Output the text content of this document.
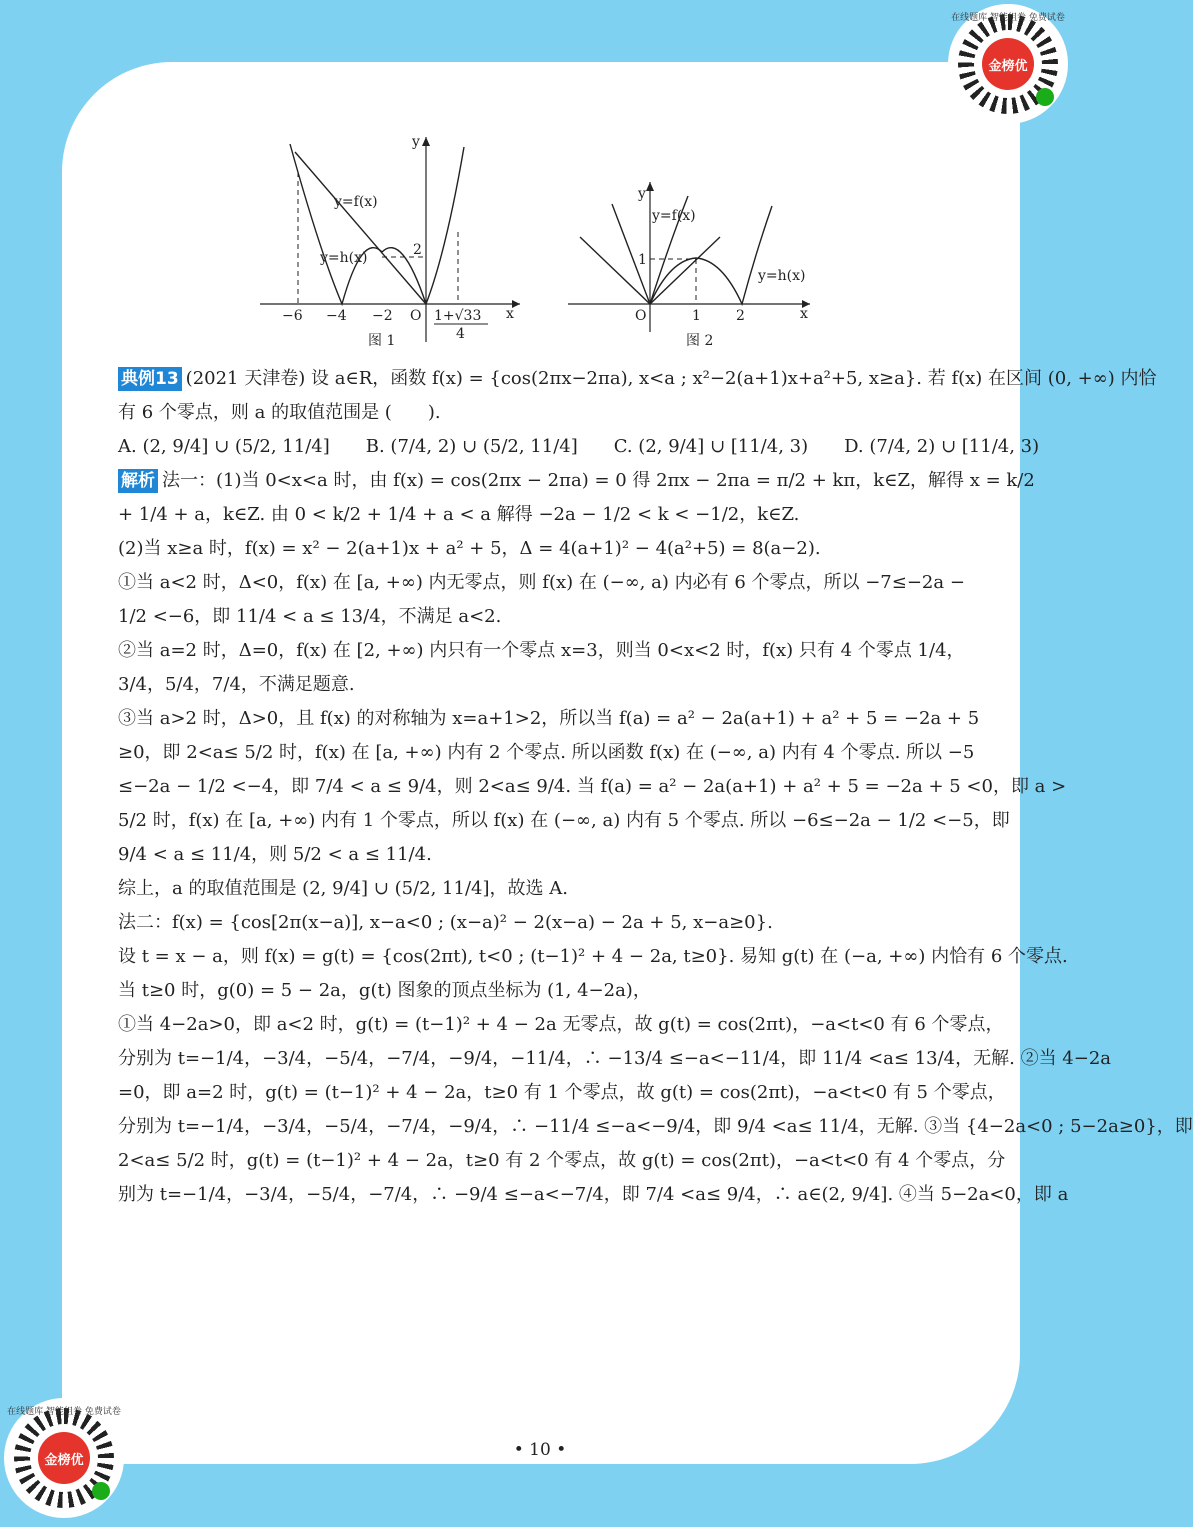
在线题库 智能组卷 免费试卷
金榜优
y
x
O
y=f(x)
y=h(x)
−6 −4 −2
2
1+√33
4
图 1
y
x
O
y=f(x)
y=h(x)
1	2
1
图 2

典例13 (2021 天津卷) 设 a∈R，函数 f(x) = {cos(2πx−2πa), x<a ; x²−2(a+1)x+a²+5, x≥a}. 若 f(x) 在区间 (0, +∞) 内恰

有 6 个零点，则 a 的取值范围是 (　　).

A. (2, 9/4] ∪ (5/2, 11/4]　　B. (7/4, 2) ∪ (5/2, 11/4]　　C. (2, 9/4] ∪ [11/4, 3)　　D. (7/4, 2) ∪ [11/4, 3)

解析 法一：(1)当 0<x<a 时，由 f(x) = cos(2πx − 2πa) = 0 得 2πx − 2πa = π/2 + kπ，k∈Z，解得 x = k/2

+ 1/4 + a，k∈Z. 由 0 < k/2 + 1/4 + a < a 解得 −2a − 1/2 < k < −1/2，k∈Z.

(2)当 x≥a 时，f(x) = x² − 2(a+1)x + a² + 5，Δ = 4(a+1)² − 4(a²+5) = 8(a−2).

①当 a<2 时，Δ<0，f(x) 在 [a, +∞) 内无零点，则 f(x) 在 (−∞, a) 内必有 6 个零点，所以 −7≤−2a −

1/2 <−6，即 11/4 < a ≤ 13/4，不满足 a<2.

②当 a=2 时，Δ=0，f(x) 在 [2, +∞) 内只有一个零点 x=3，则当 0<x<2 时，f(x) 只有 4 个零点 1/4，

3/4，5/4，7/4，不满足题意.

③当 a>2 时，Δ>0，且 f(x) 的对称轴为 x=a+1>2，所以当 f(a) = a² − 2a(a+1) + a² + 5 = −2a + 5

≥0，即 2<a≤ 5/2 时，f(x) 在 [a, +∞) 内有 2 个零点. 所以函数 f(x) 在 (−∞, a) 内有 4 个零点. 所以 −5

≤−2a − 1/2 <−4，即 7/4 < a ≤ 9/4，则 2<a≤ 9/4. 当 f(a) = a² − 2a(a+1) + a² + 5 = −2a + 5 <0，即 a >

5/2 时，f(x) 在 [a, +∞) 内有 1 个零点，所以 f(x) 在 (−∞, a) 内有 5 个零点. 所以 −6≤−2a − 1/2 <−5，即

9/4 < a ≤ 11/4，则 5/2 < a ≤ 11/4.

综上，a 的取值范围是 (2, 9/4] ∪ (5/2, 11/4]，故选 A.

法二：f(x) = {cos[2π(x−a)], x−a<0 ; (x−a)² − 2(x−a) − 2a + 5, x−a≥0}.

设 t = x − a，则 f(x) = g(t) = {cos(2πt), t<0 ; (t−1)² + 4 − 2a, t≥0}. 易知 g(t) 在 (−a, +∞) 内恰有 6 个零点.

当 t≥0 时，g(0) = 5 − 2a，g(t) 图象的顶点坐标为 (1, 4−2a)，

①当 4−2a>0，即 a<2 时，g(t) = (t−1)² + 4 − 2a 无零点，故 g(t) = cos(2πt)，−a<t<0 有 6 个零点，

分别为 t=−1/4，−3/4，−5/4，−7/4，−9/4，−11/4，∴ −13/4 ≤−a<−11/4，即 11/4 <a≤ 13/4，无解. ②当 4−2a

=0，即 a=2 时，g(t) = (t−1)² + 4 − 2a，t≥0 有 1 个零点，故 g(t) = cos(2πt)，−a<t<0 有 5 个零点，

分别为 t=−1/4，−3/4，−5/4，−7/4，−9/4，∴ −11/4 ≤−a<−9/4，即 9/4 <a≤ 11/4，无解. ③当 {4−2a<0 ; 5−2a≥0}，即

2<a≤ 5/2 时，g(t) = (t−1)² + 4 − 2a，t≥0 有 2 个零点，故 g(t) = cos(2πt)，−a<t<0 有 4 个零点，分

别为 t=−1/4，−3/4，−5/4，−7/4，∴ −9/4 ≤−a<−7/4，即 7/4 <a≤ 9/4，∴ a∈(2, 9/4]. ④当 5−2a<0，即 a

• 10 •
在线题库 智能组卷 免费试卷
金榜优
